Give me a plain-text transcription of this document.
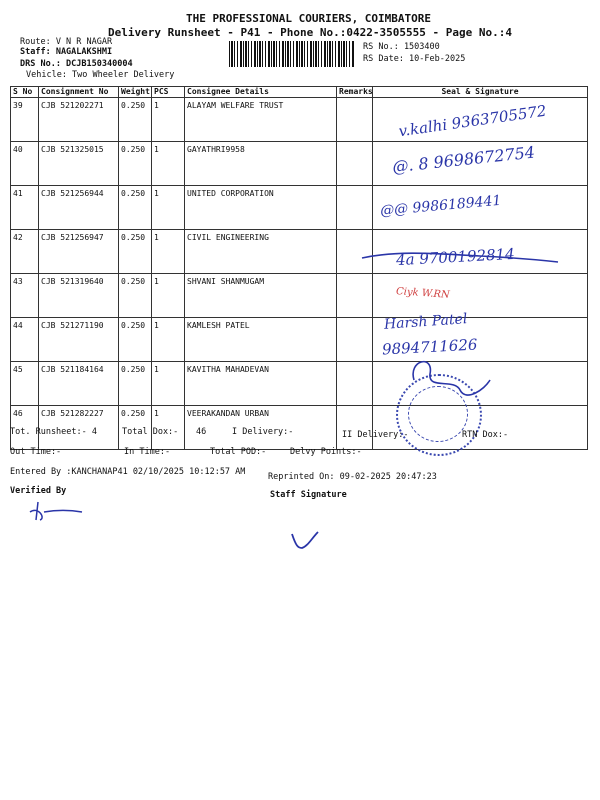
THE PROFESSIONAL COURIERS, COIMBATORE
Delivery Runsheet - P41 - Phone No.:0422-3505555 - Page No.:4
Route: V N R NAGAR
Staff: NAGALAKSHMI
DRS No.: DCJB150340004
Vehicle: Two Wheeler Delivery
RS No.: 1503400
RS Date: 10-Feb-2025
S No	Consignment No	Weight	PCS	Consignee Details	Remarks	Seal & Signature
39	CJB 521202271	0.250	1	ALAYAM WELFARE TRUST		
40	CJB 521325015	0.250	1	GAYATHRI9958		
41	CJB 521256944	0.250	1	UNITED CORPORATION		
42	CJB 521256947	0.250	1	CIVIL ENGINEERING		
43	CJB 521319640	0.250	1	SHVANI SHANMUGAM		
44	CJB 521271190	0.250	1	KAMLESH PATEL		
45	CJB 521184164	0.250	1	KAVITHA MAHADEVAN		
46	CJB 521282227	0.250	1	VEERAKANDAN URBAN		
v.kalhi 9363705572
@. 8 9698672754
@@ 9986189441
4a 9700192814
Ciyk W.RN
Harsh Patel
9894711626
Tot. Runsheet:- 4	Total Dox:- 46	I Delivery:-	II Delivery:-	RTN Dox:-
Out Time:-	In Time:-	Total POD:-	Delvy Points:-
Entered By :KANCHANAP41 02/10/2025 10:12:57 AM	Reprinted On: 09-02-2025 20:47:23
Verified By	Staff Signature
